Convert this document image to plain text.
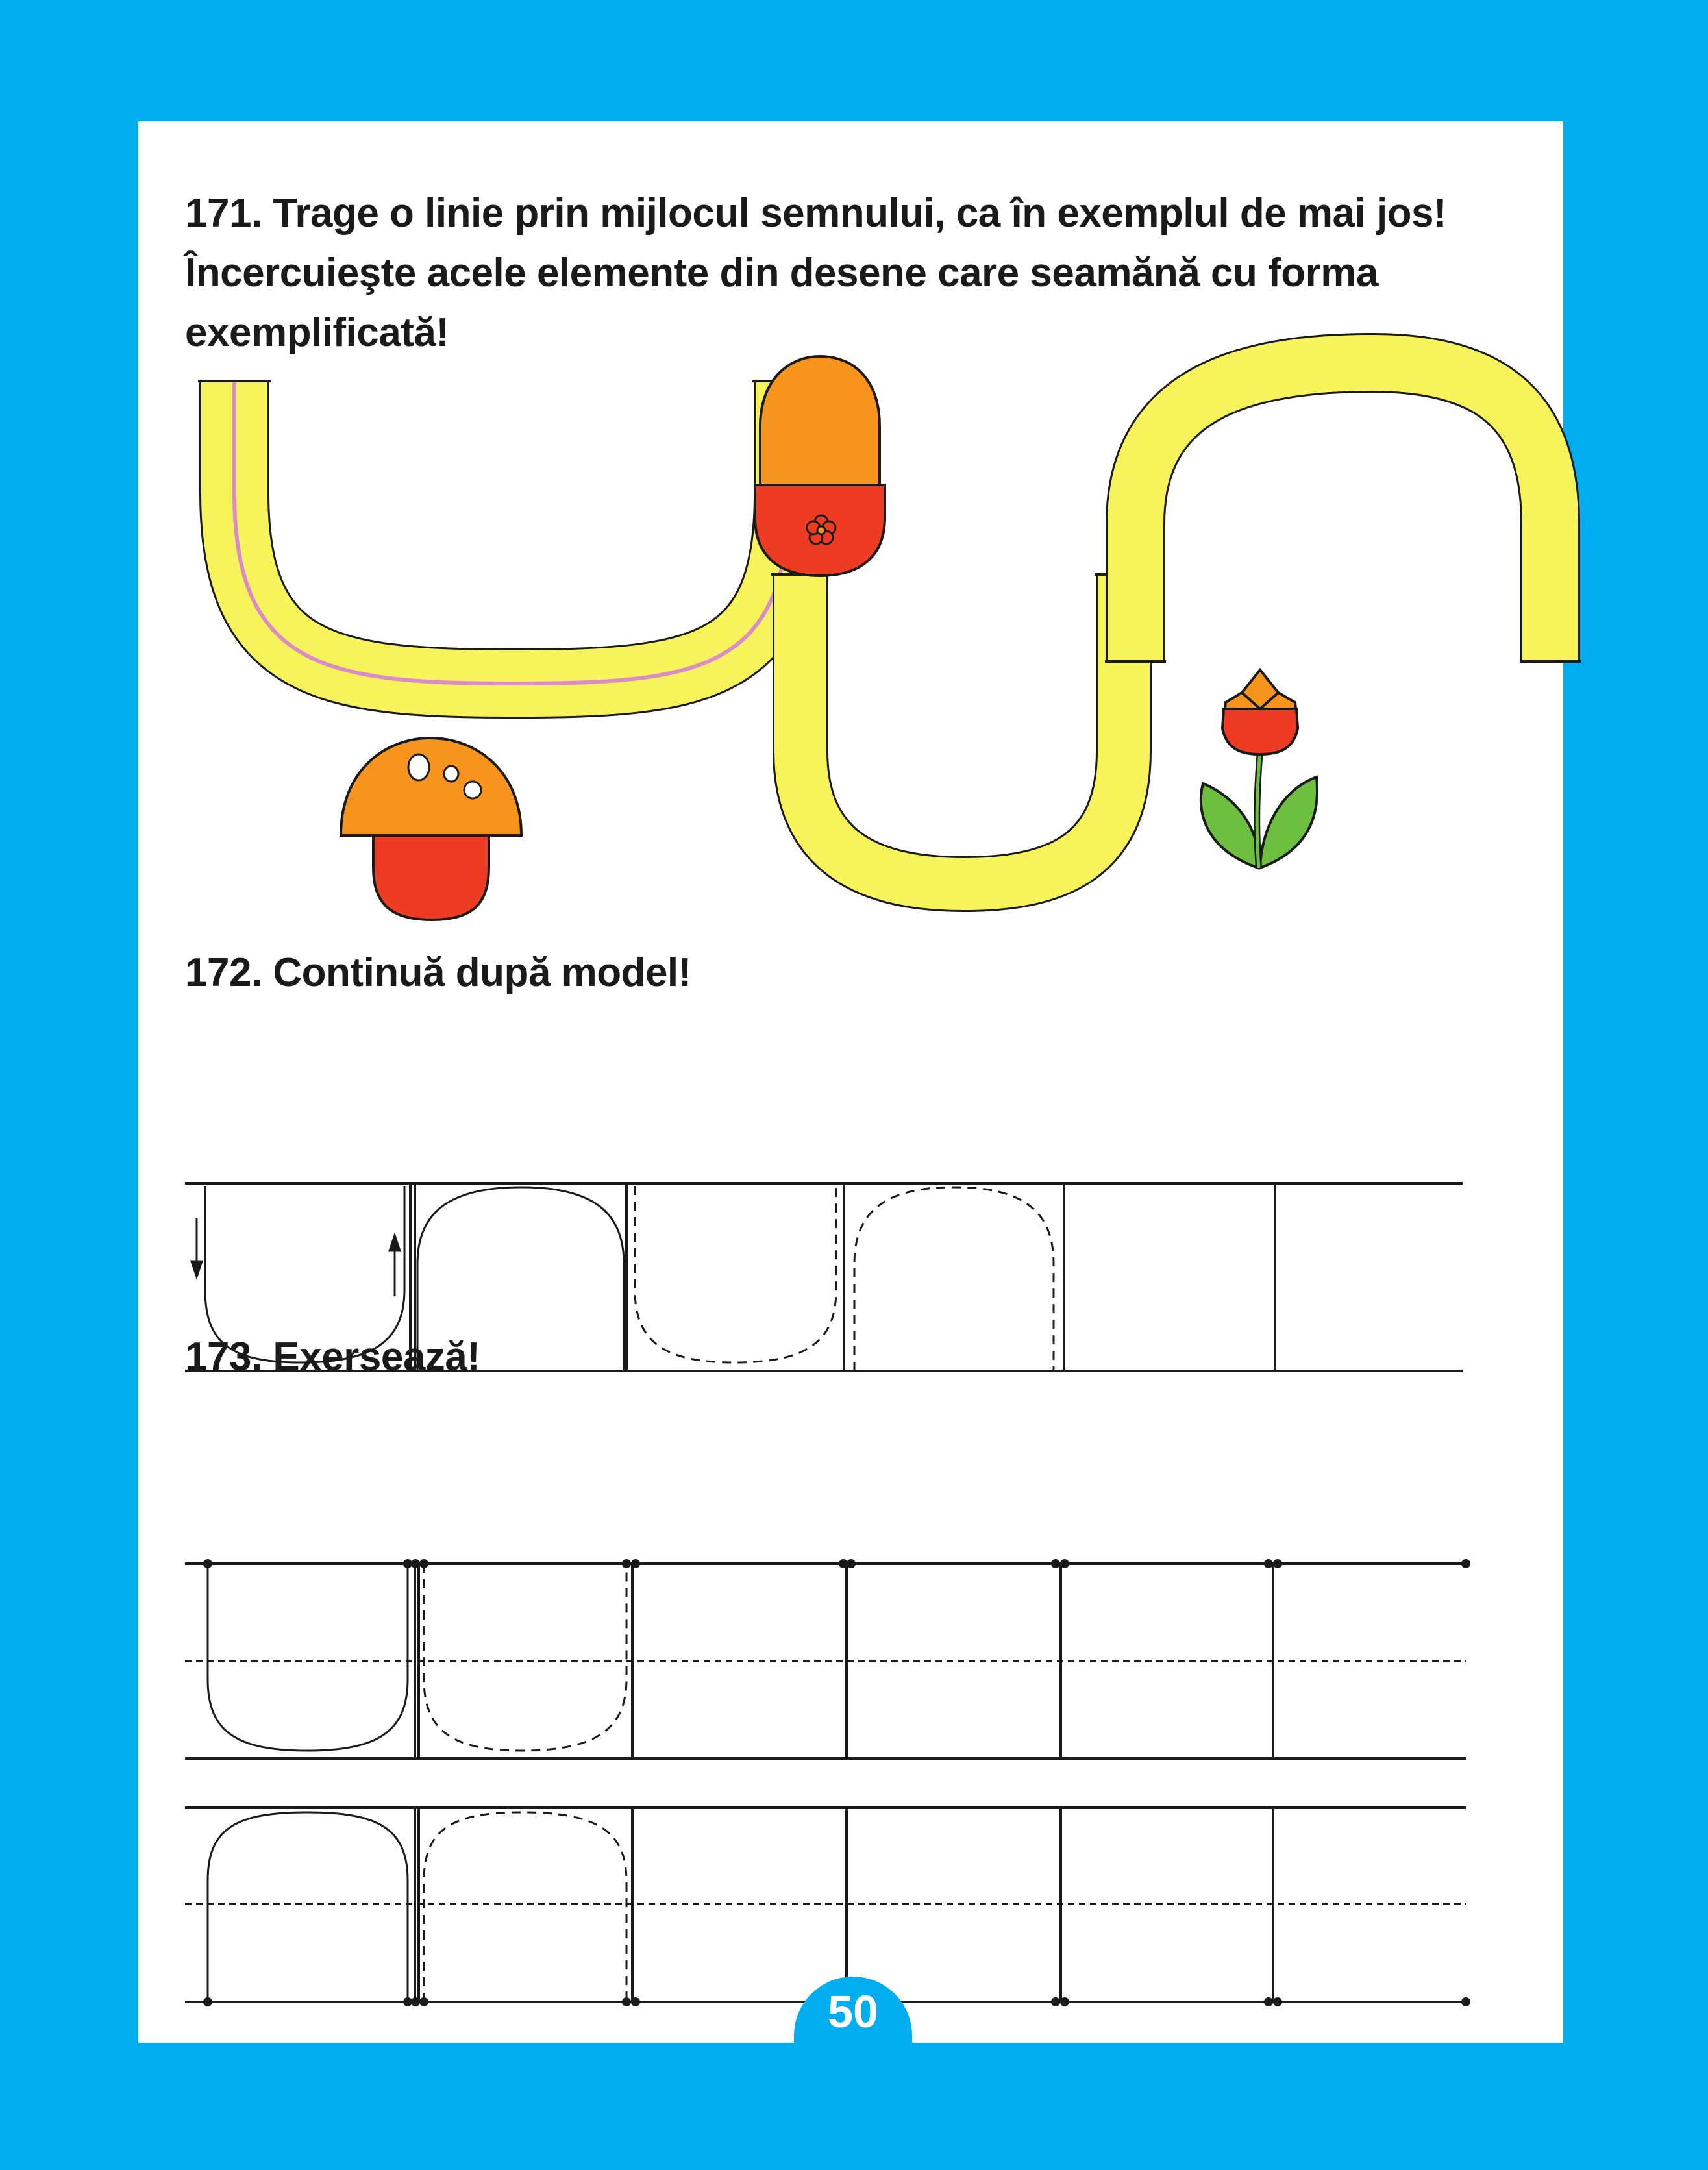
171. Trage o linie prin mijlocul semnului, ca în exemplul de mai jos!
Încercuieşte acele elemente din desene care seamănă cu forma
exemplificată!
172. Continuă după model!
173. Exersează!
50
